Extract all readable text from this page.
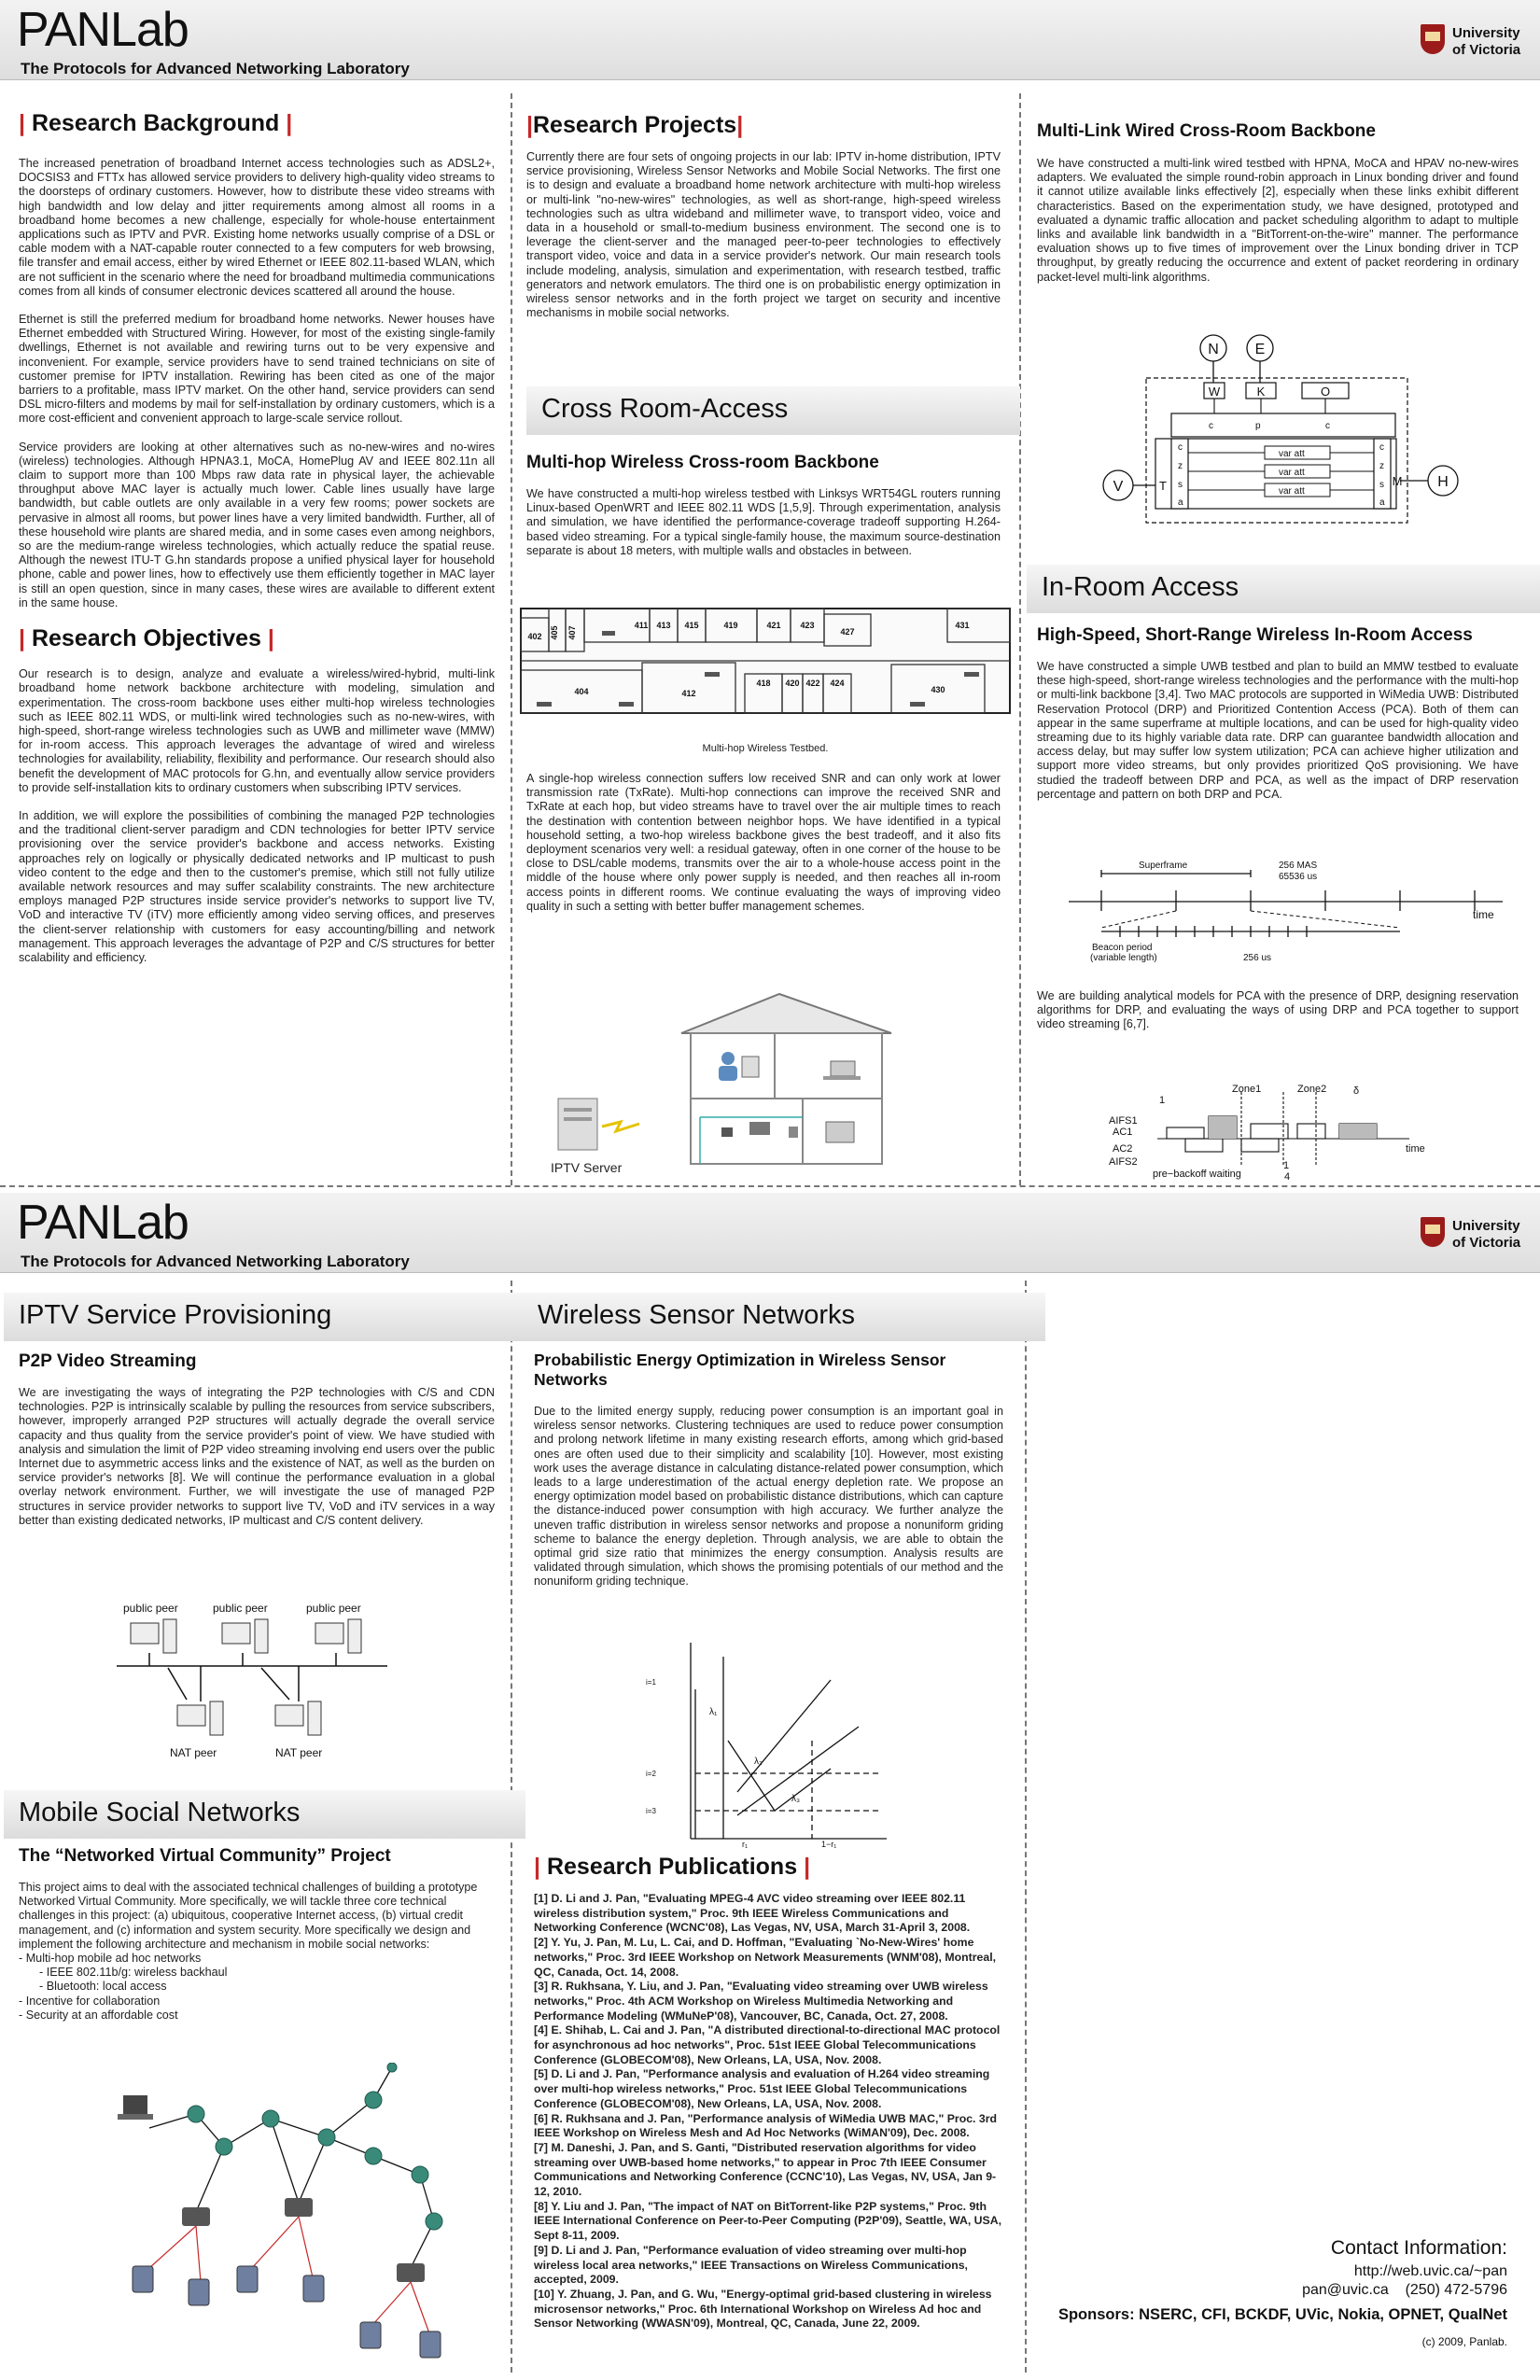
PANLab
The Protocols for Advanced Networking Laboratory
University
of Victoria
| Research Background |

The increased penetration of broadband Internet access technologies such as ADSL2+, DOCSIS3 and FTTx has allowed service providers to delivery high-quality video streams to the doorsteps of ordinary customers. However, how to distribute these video streams with high bandwidth and low delay and jitter requirements among almost all rooms in a broadband home becomes a new challenge, especially for whole-house entertainment applications such as IPTV and PVR. Existing home networks usually comprise of a DSL or cable modem with a NAT-capable router connected to a few computers for web browsing, file transfer and email access, either by wired Ethernet or IEEE 802.11-based WLAN, which are not sufficient in the scenario where the need for broadband multimedia communications comes from all kinds of consumer electronic devices scattered all around the house.

Ethernet is still the preferred medium for broadband home networks. Newer houses have Ethernet embedded with Structured Wiring. However, for most of the existing single-family dwellings, Ethernet is not available and rewiring turns out to be very expensive and inconvenient. For example, service providers have to send trained technicians on site of customer premise for IPTV installation. Rewiring has been cited as one of the major barriers to a profitable, mass IPTV market. On the other hand, service providers can send DSL micro-filters and modems by mail for self-installation by ordinary customers, which is a more cost-efficient and convenient approach to large-scale service rollout.

Service providers are looking at other alternatives such as no-new-wires and no-wires (wireless) technologies. Although HPNA3.1, MoCA, HomePlug AV and IEEE 802.11n all claim to support more than 100 Mbps raw data rate in physical layer, the achievable throughput above MAC layer is actually much lower. Cable lines usually have large bandwidth, but cable outlets are only available in a very few rooms; power sockets are pervasive in almost all rooms, but power lines have a very limited bandwidth. Further, all of these household wire plants are shared media, and in some cases even among neighbors, so are the medium-range wireless technologies, which actually reduce the spatial reuse. Although the newest ITU-T G.hn standards propose a unified physical layer for household phone, cable and power lines, how to effectively use them efficiently together in MAC layer is still an open question, since in many cases, these wires are available to different extent in the same house.

| Research Objectives |

Our research is to design, analyze and evaluate a wireless/wired-hybrid, multi-link broadband home network backbone architecture with modeling, simulation and experimentation. The cross-room backbone uses either multi-hop wireless technologies such as IEEE 802.11 WDS, or multi-link wired technologies such as no-new-wires, with high-speed, short-range wireless technologies such as UWB and millimeter wave (MMW) for in-room access. This approach leverages the advantage of wired and wireless technologies for availability, reliability, flexibility and performance. Our research should also benefit the development of MAC protocols for G.hn, and eventually allow service providers to provide self-installation kits to ordinary customers when subscribing IPTV services.

In addition, we will explore the possibilities of combining the managed P2P technologies and the traditional client-server paradigm and CDN technologies for better IPTV service provisioning over the service provider's backbone and access networks. Existing approaches rely on logically or physically dedicated networks and IP multicast to push video content to the edge and then to the customer's premise, which still not fully utilize available network resources and may suffer scalability constraints. The new architecture employs managed P2P structures inside service provider's networks to support live TV, VoD and interactive TV (iTV) more efficiently among video serving offices, and preserves the client-server relationship with customers for easy accounting/billing and network management. This approach leverages the advantage of P2P and C/S structures for better scalability and efficiency.

|Research Projects|

Currently there are four sets of ongoing projects in our lab: IPTV in-home distribution, IPTV service provisioning, Wireless Sensor Networks and Mobile Social Networks. The first one is to design and evaluate a broadband home network architecture with multi-hop wireless or multi-link "no-new-wires" technologies, as well as short-range, high-speed wireless technologies such as ultra wideband and millimeter wave, to transport video, voice and data in a household or small-to-medium business environment. The second one is to leverage the client-server and the managed peer-to-peer technologies to effectively transport video, voice and data in a service provider's network. Our main research tools include modeling, analysis, simulation and experimentation, with research testbed, traffic generators and network emulators. The third one is on probabilistic energy optimization in wireless sensor networks and in the forth project we target on security and incentive mechanisms in mobile social networks.

Cross Room-Access
Multi-hop Wireless Cross-room Backbone

We have constructed a multi-hop wireless testbed with Linksys WRT54GL routers running Linux-based OpenWRT and IEEE 802.11 WDS [1,5,9]. Through experimentation, analysis and simulation, we have identified the performance-coverage tradeoff supporting H.264-based video streaming. For a typical single-family house, the maximum source-destination separate is about 18 meters, with multiple walls and obstacles in between.

402 405 407
411 413 415	419	421 423
427
431
404	412
418 420 422 424
430
Multi-hop Wireless Testbed.

A single-hop wireless connection suffers low received SNR and can only work at lower transmission rate (TxRate). Multi-hop connections can improve the received SNR and TxRate at each hop, but video streams have to travel over the air multiple times to reach the destination with contention between neighbor hops. We have identified in a typical household setting, a two-hop wireless backbone gives the best tradeoff, and it also fits deployment scenarios very well: a residual gateway, often in one corner of the house to be close to DSL/cable modems, transmits over the air to a whole-house access point in the middle of the house where only power supply is needed, and then reaches all in-room access points in different rooms. We continue evaluating the ways of improving video quality in such a setting with better buffer management schemes.

IPTV Server
Multi-Link Wired Cross-Room Backbone

We have constructed a multi-link wired testbed with HPNA, MoCA and HPAV no-new-wires adapters. We evaluated the simple round-robin approach in Linux bonding driver and found it cannot utilize available links effectively [2], especially when these links exhibit different characteristics. Based on the experimentation study, we have designed, prototyped and evaluated a dynamic traffic allocation and packet scheduling algorithm to adapt to multiple links and available link bandwidth in a "BitTorrent-on-the-wire" manner. The performance evaluation shows up to five times of improvement over the Linux bonding driver in TCP throughput, by greatly reducing the occurrence and extent of packet reordering in ordinary packet-level multi-link algorithms.

N E
W	K	O
V	T	M H
c
z
s
a
c
z
s
a
c	p	c
var att
var att
var att
In-Room Access
High-Speed, Short-Range Wireless In-Room Access

We have constructed a simple UWB testbed and plan to build an MMW testbed to evaluate these high-speed, short-range wireless technologies and the performance with the multi-hop or multi-link backbone [3,4]. Two MAC protocols are supported in WiMedia UWB: Distributed Reservation Protocol (DRP) and Prioritized Contention Access (PCA). Both of them can appear in the same superframe at multiple locations, and can be used for high-quality video streaming due to its highly variable data rate. DRP can guarantee bandwidth allocation and access delay, but may suffer low system utilization; PCA can achieve higher utilization and support more video streams, but only provides prioritized QoS provisioning. We have studied the tradeoff between DRP and PCA, as well as the impact of DRP reservation percentage and pattern on both DRP and PCA.

Superframe	256 MAS
65536 us
time
Beacon period
(variable length)	256 us

We are building analytical models for PCA with the presence of DRP, designing reservation algorithms for DRP, and evaluating the ways of using DRP and PCA together to support video streaming [6,7].

Zone1	Zone2	δ
1
1
4
AIFS1
AC1
AC2
AIFS2
time
pre−backoff waiting
PANLab
The Protocols for Advanced Networking Laboratory
University
of Victoria
IPTV Service Provisioning
P2P Video Streaming

We are investigating the ways of integrating the P2P technologies with C/S and CDN technologies. P2P is intrinsically scalable by pulling the resources from service subscribers, however, improperly arranged P2P structures will actually degrade the overall service capacity and thus quality from the service provider's point of view. We have studied with analysis and simulation the limit of P2P video streaming involving end users over the public Internet due to asymmetric access links and the existence of NAT, as well as the burden on service provider's networks [8]. We will continue the performance evaluation in a global overlay network environment. Further, we will investigate the use of managed P2P structures in service provider networks to support live TV, VoD and iTV services in a way better than existing dedicated networks, IP multicast and C/S content delivery.

public peer	public peer	public peer
NAT peer	NAT peer
Mobile Social Networks
The “Networked Virtual Community” Project

This project aims to deal with the associated technical challenges of building a prototype Networked Virtual Community. More specifically, we will tackle three core technical challenges in this project: (a) ubiquitous, cooperative Internet access, (b) virtual credit management, and (c) information and system security. More specifically we design and implement the following architecture and mechanism in mobile social networks:

- Multi-hop mobile ad hoc networks
- IEEE 802.11b/g: wireless backhaul
- Bluetooth: local access
- Incentive for collaboration
- Security at an affordable cost
Wireless Sensor Networks
Probabilistic Energy Optimization in Wireless Sensor Networks

Due to the limited energy supply, reducing power consumption is an important goal in wireless sensor networks. Clustering techniques are used to reduce power consumption and prolong network lifetime in many existing research efforts, among which grid-based ones are often used due to their simplicity and scalability [10]. However, most existing work uses the average distance in calculating distance-related power consumption, which leads to a large underestimation of the actual energy depletion rate. We propose an energy optimization model based on probabilistic distance distributions, which can capture the distance-induced power consumption with high accuracy. We further analyze the uneven traffic distribution in wireless sensor networks and propose a nonuniform griding scheme to balance the energy depletion. Through analysis, we are able to obtain the optimal grid size ratio that minimizes the energy consumption. Analysis results are validated through simulation, which shows the promising potentials of our method and the nonuniform griding technique.

i=1
i=2
i=3
λ₁
λ₂
λ₃
r₁	1−r₁
| Research Publications |

[1] D. Li and J. Pan, "Evaluating MPEG-4 AVC video streaming over IEEE 802.11 wireless distribution system," Proc. 9th IEEE Wireless Communications and Networking Conference (WCNC'08), Las Vegas, NV, USA, March 31-April 3, 2008.

[2] Y. Yu, J. Pan, M. Lu, L. Cai, and D. Hoffman, "Evaluating `No-New-Wires' home networks," Proc. 3rd IEEE Workshop on Network Measurements (WNM'08), Montreal, QC, Canada, Oct. 14, 2008.

[3] R. Rukhsana, Y. Liu, and J. Pan, "Evaluating video streaming over UWB wireless networks," Proc. 4th ACM Workshop on Wireless Multimedia Networking and Performance Modeling (WMuNeP'08), Vancouver, BC, Canada, Oct. 27, 2008.

[4] E. Shihab, L. Cai and J. Pan, "A distributed directional-to-directional MAC protocol for asynchronous ad hoc networks", Proc. 51st IEEE Global Telecommunications Conference (GLOBECOM'08), New Orleans, LA, USA, Nov. 2008.

[5] D. Li and J. Pan, "Performance analysis and evaluation of H.264 video streaming over multi-hop wireless networks," Proc. 51st IEEE Global Telecommunications Conference (GLOBECOM'08), New Orleans, LA, USA, Nov. 2008.

[6] R. Rukhsana and J. Pan, "Performance analysis of WiMedia UWB MAC," Proc. 3rd IEEE Workshop on Wireless Mesh and Ad Hoc Networks (WiMAN'09), Dec. 2008.

[7] M. Daneshi, J. Pan, and S. Ganti, "Distributed reservation algorithms for video streaming over UWB-based home networks," to appear in Proc 7th IEEE Consumer Communications and Networking Conference (CCNC'10), Las Vegas, NV, USA, Jan 9-12, 2010.

[8] Y. Liu and J. Pan, "The impact of NAT on BitTorrent-like P2P systems," Proc. 9th IEEE International Conference on Peer-to-Peer Computing (P2P'09), Seattle, WA, USA, Sept 8-11, 2009.

[9] D. Li and J. Pan, "Performance evaluation of video streaming over multi-hop wireless local area networks," IEEE Transactions on Wireless Communications, accepted, 2009.

[10] Y. Zhuang, J. Pan, and G. Wu, "Energy-optimal grid-based clustering in wireless microsensor networks," Proc. 6th International Workshop on Wireless Ad hoc and Sensor Networking (WWASN'09), Montreal, QC, Canada, June 22, 2009.

Contact Information:
http://web.uvic.ca/~pan
pan@uvic.ca (250) 472-5796
Sponsors: NSERC, CFI, BCKDF, UVic, Nokia, OPNET, QualNet
(c) 2009, Panlab.
